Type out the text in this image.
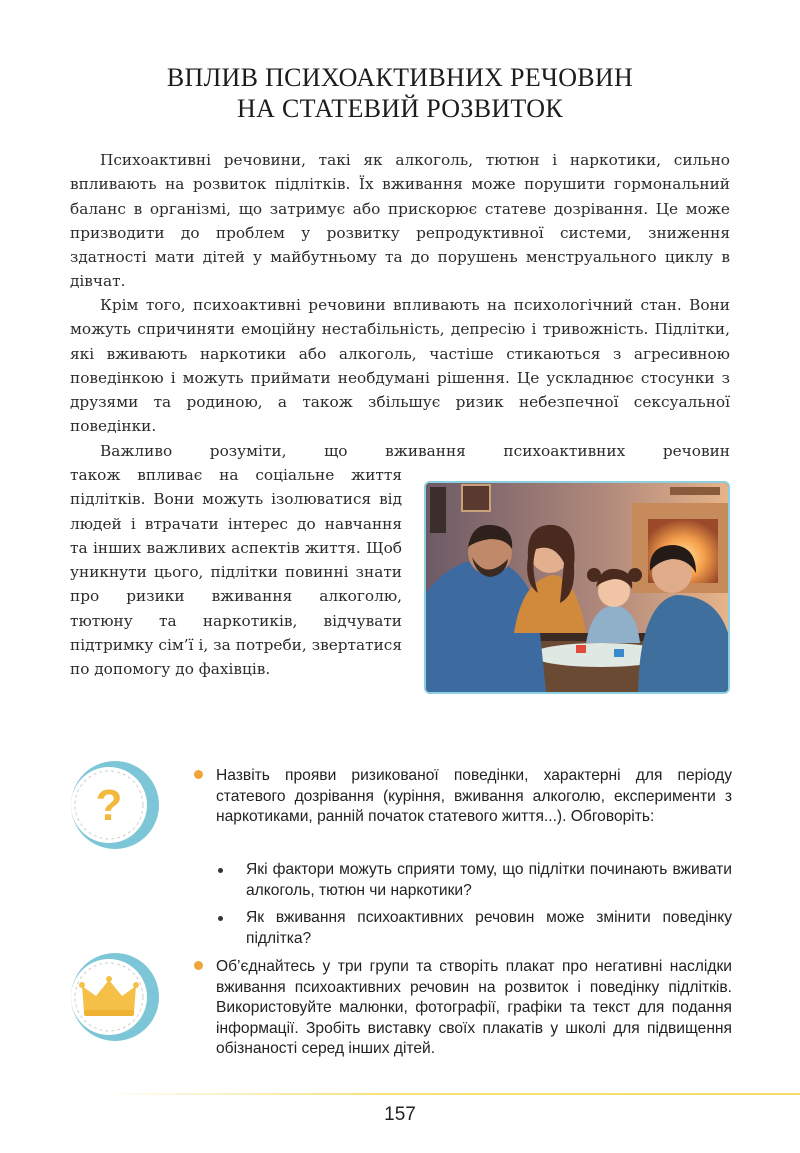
ВПЛИВ ПСИХОАКТИВНИХ РЕЧОВИН
НА СТАТЕВИЙ РОЗВИТОК

Психоактивні речовини, такі як алкоголь, тютюн і наркотики, сильно впливають на розвиток підлітків. Їх вживання може порушити гормональний баланс в організмі, що затримує або прискорює статеве дозрівання. Це може призводити до проблем у розвитку репродуктивної системи, зниження здатності мати дітей у майбутньому та до порушень менструального циклу в дівчат.

Крім того, психоактивні речовини впливають на психологічний стан. Вони можуть спричиняти емоційну нестабільність, депресію і тривожність. Підлітки, які вживають наркотики або алкоголь, частіше стикаються з агресивною поведінкою і можуть приймати необдумані рішення. Це ускладнює стосунки з друзями та родиною, а також збільшує ризик небезпечної сексуальної поведінки.

Важливо розуміти, що вживання психоактивних речовин

також впливає на соціальне життя підлітків. Вони можуть ізолюватися від людей і втрачати інтерес до навчання та інших важливих аспектів життя. Щоб уникнути цього, підлітки повинні знати про ризики вживання алкоголю, тютюну та наркотиків, відчувати підтримку сім’ї і, за потреби, звертатися по допомогу до фахівців.

?

Назвіть прояви ризикованої поведінки, характерні для періоду статевого дозрівання (куріння, вживання алкоголю, експерименти з наркотиками, ранній початок статевого життя...). Обговоріть:

Які фактори можуть сприяти тому, що підлітки починають вживати алкоголь, тютюн чи наркотики?

Як вживання психоактивних речовин може змінити поведінку підлітка?

Об’єднайтесь у три групи та створіть плакат про негативні наслідки вживання психоактивних речовин на розвиток і поведінку підлітків. Використовуйте малюнки, фотографії, графіки та текст для подання інформації. Зробіть виставку своїх плакатів у школі для підвищення обізнаності серед інших дітей.

157
